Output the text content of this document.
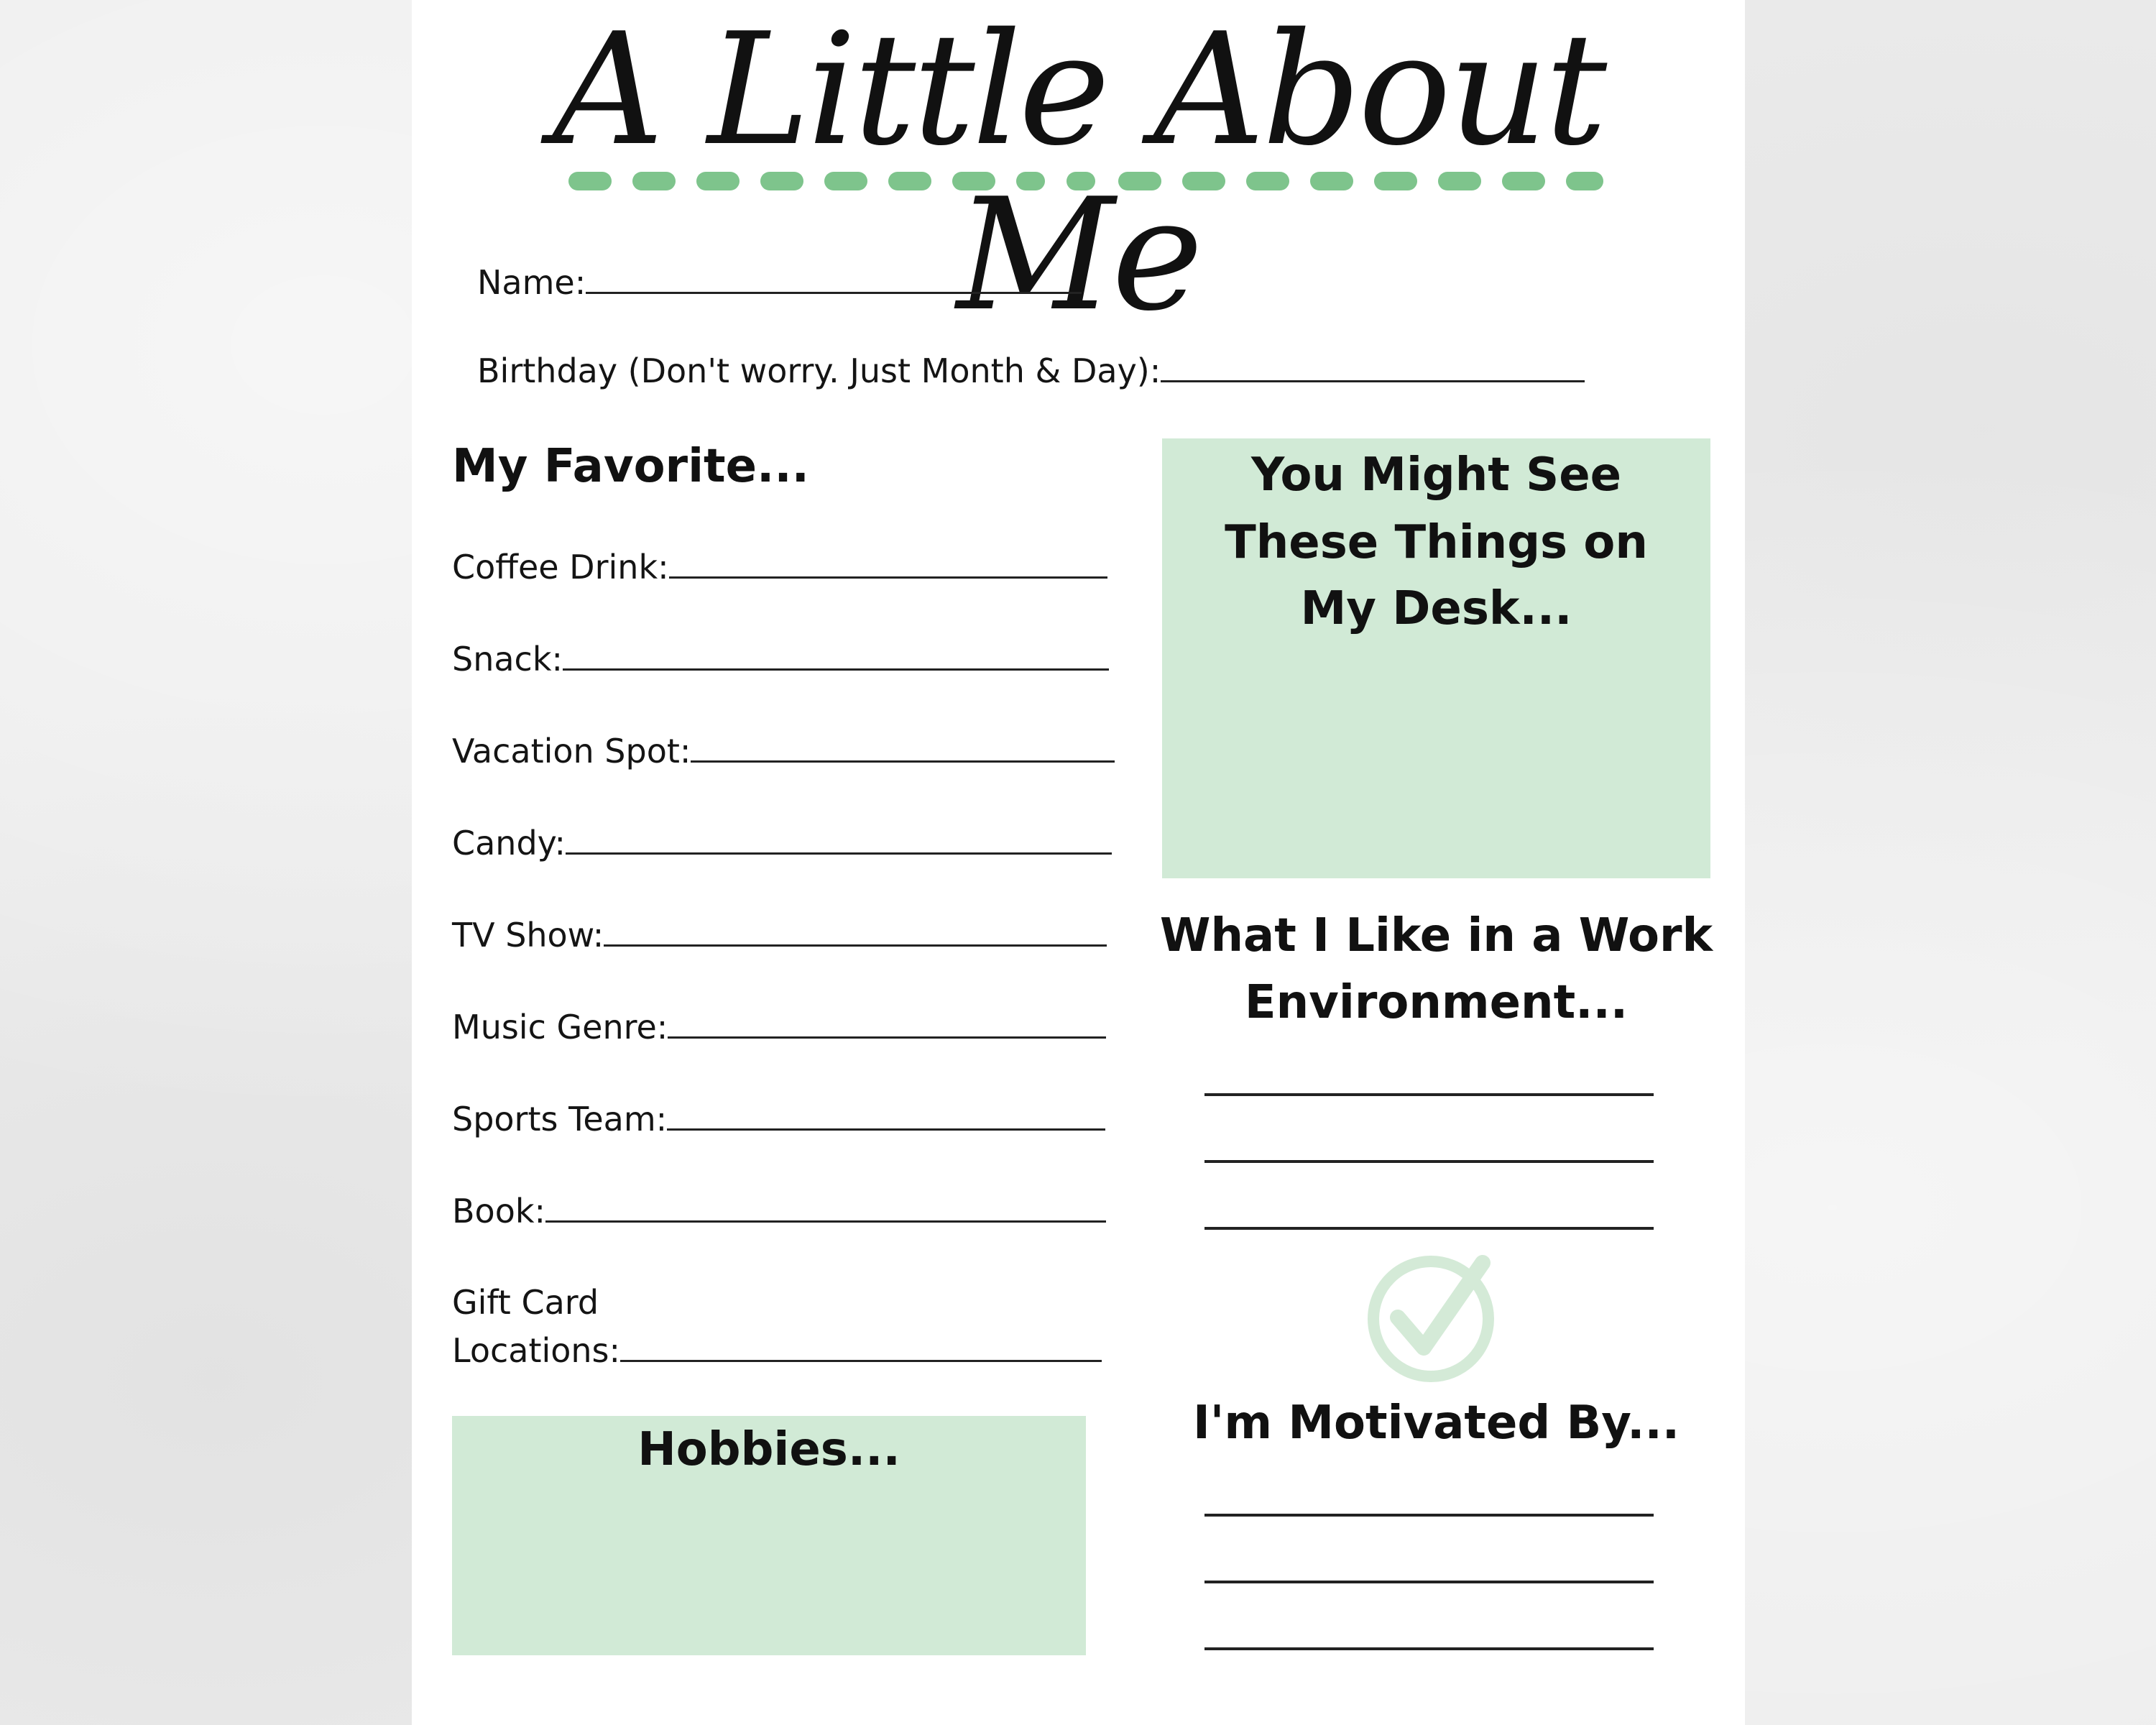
A Little About Me
Name:
Birthday (Don't worry. Just Month & Day):
My Favorite...
Coffee Drink:
Snack:
Vacation Spot:
Candy:
TV Show:
Music Genre:
Sports Team:
Book:
Gift Card
Locations:
Hobbies...
You Might See
These Things on
My Desk...
What I Like in a Work
Environment...
I'm Motivated By...
